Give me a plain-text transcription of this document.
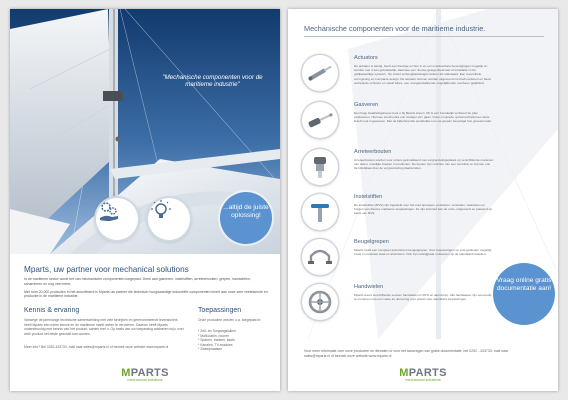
"Mechanische componenten voor de maritieme industrie"
...altijd de juiste oplossing!
Mparts, uw partner voor mechanical solutions

In de maritieme sector wordt het van mechanische componenten toegepast. Denk aan gasveren, instelstiften, arreteerbouten, grepen, handwielen, scharnieren en nog veel meer.

Met ruim 20.000 producten in het assortiment is Mparts uw partner die technisch hoogwaardige industriële componenten levert aan onze zeer veeleisende en productie in de maritieme industrie.

Kennis & ervaring
Vanwege de jarenlange technische samenwerking met vele bedrijven en gerenommeerde leveranciers heeft Mparts een ruime kennis en de maritieme markt weten te veroveren. Daarom heeft Mparts ondersteuning met kennis van het product, samen met u. Op basis van uw toepassing adviseren wij u over welk product het beste geschikt kan worden.
Meer info? Bel 0252-433733, mail naar sales@mparts.nl of bezoek onze website www.mparts.nl
Toepassingen
Onze producten worden o.a. toegepast in:
* Zeil- en Toegangsluiken
* Multi-kabin, riooren
* Spanen, banken, kasts
* Kanalen, TV-modules
* Zweinplaatsen
MPARTS
mechanical solutions
Mechanische componenten voor de maritieme industrie.
Actuators
De actuator is kantig, heeft een kleurige en hier in en een monteerbare bevestigingen mogelijk en worden met 4 één gebrekkelijk, daarmee een nieuwe gelegenheid aan of installatie in het gelijkwaardige systeem. Op zowel verhoogbaarsteigen leisten als standaard. Een reversibele vormgeving en compacte design. Dé actuator kunnen worden uitgevoerd met half ereferent en biedt verbeterde schuiver en vanaf tubes, een voorgeinstalleerde mogelijkheden voorheen gelijkheid.
Gasveren
Een hoge kwaliteitsgasveer kunt u bij Mparts kopen. Dit is een bereikelijk verbetert de plan produceren. Hiermee wordt extra ook noeliger erin gaan. Onze compacte opzetmechanismen deze kracht ook in gasveren. Met de bijbehorende eindstukken en uw grepen bevestigd hun geveermodel.
Arreteerbouten
Arreteerbouten worden voor ordere geïnstalleerd met vergrendelingsplaats op verschillende manieren van delen, moeilijke hoeken in producten. De bouten zijn voorzien van een veerdruk en kunnen ook de blindplaat door de vergrendeling plaatsvinden.
Instelstiften
De instelstiften (RVS) zijn ingesteld voor het snel oproepen, positieren, verstellen, vastzetten en borgen van diverse maritieme toepassingen. Ze zijn inclusief aan de onze, uitgevoerd en passend op basis van RVS.
Beugelgrepen
Mparts heeft een compleet assortiment beugelgrepen. Voor toepassingen op vele gebieden mogelijk zoals in roestvast staal en aluminium. Ook zijn verkrijgbaar ontwerpen op de standaardmodellen.
Handwielen
Mparts levert verschillende soorten handwielen in RVS en aluminium. Alle handwielen zijn eenvoudig te monteren met een vaste as uitvoering voor wissel voor standaard toepassingen.
Vraag online gratis documentatie aan!
Voor meer informatie over onze producten en diensten of voor het aanvragen van gratis documentatie, bel 0252 - 433733, mail naar sales@mparts.nl of bezoek onze website www.mparts.nl
MPARTS
mechanical solutions
